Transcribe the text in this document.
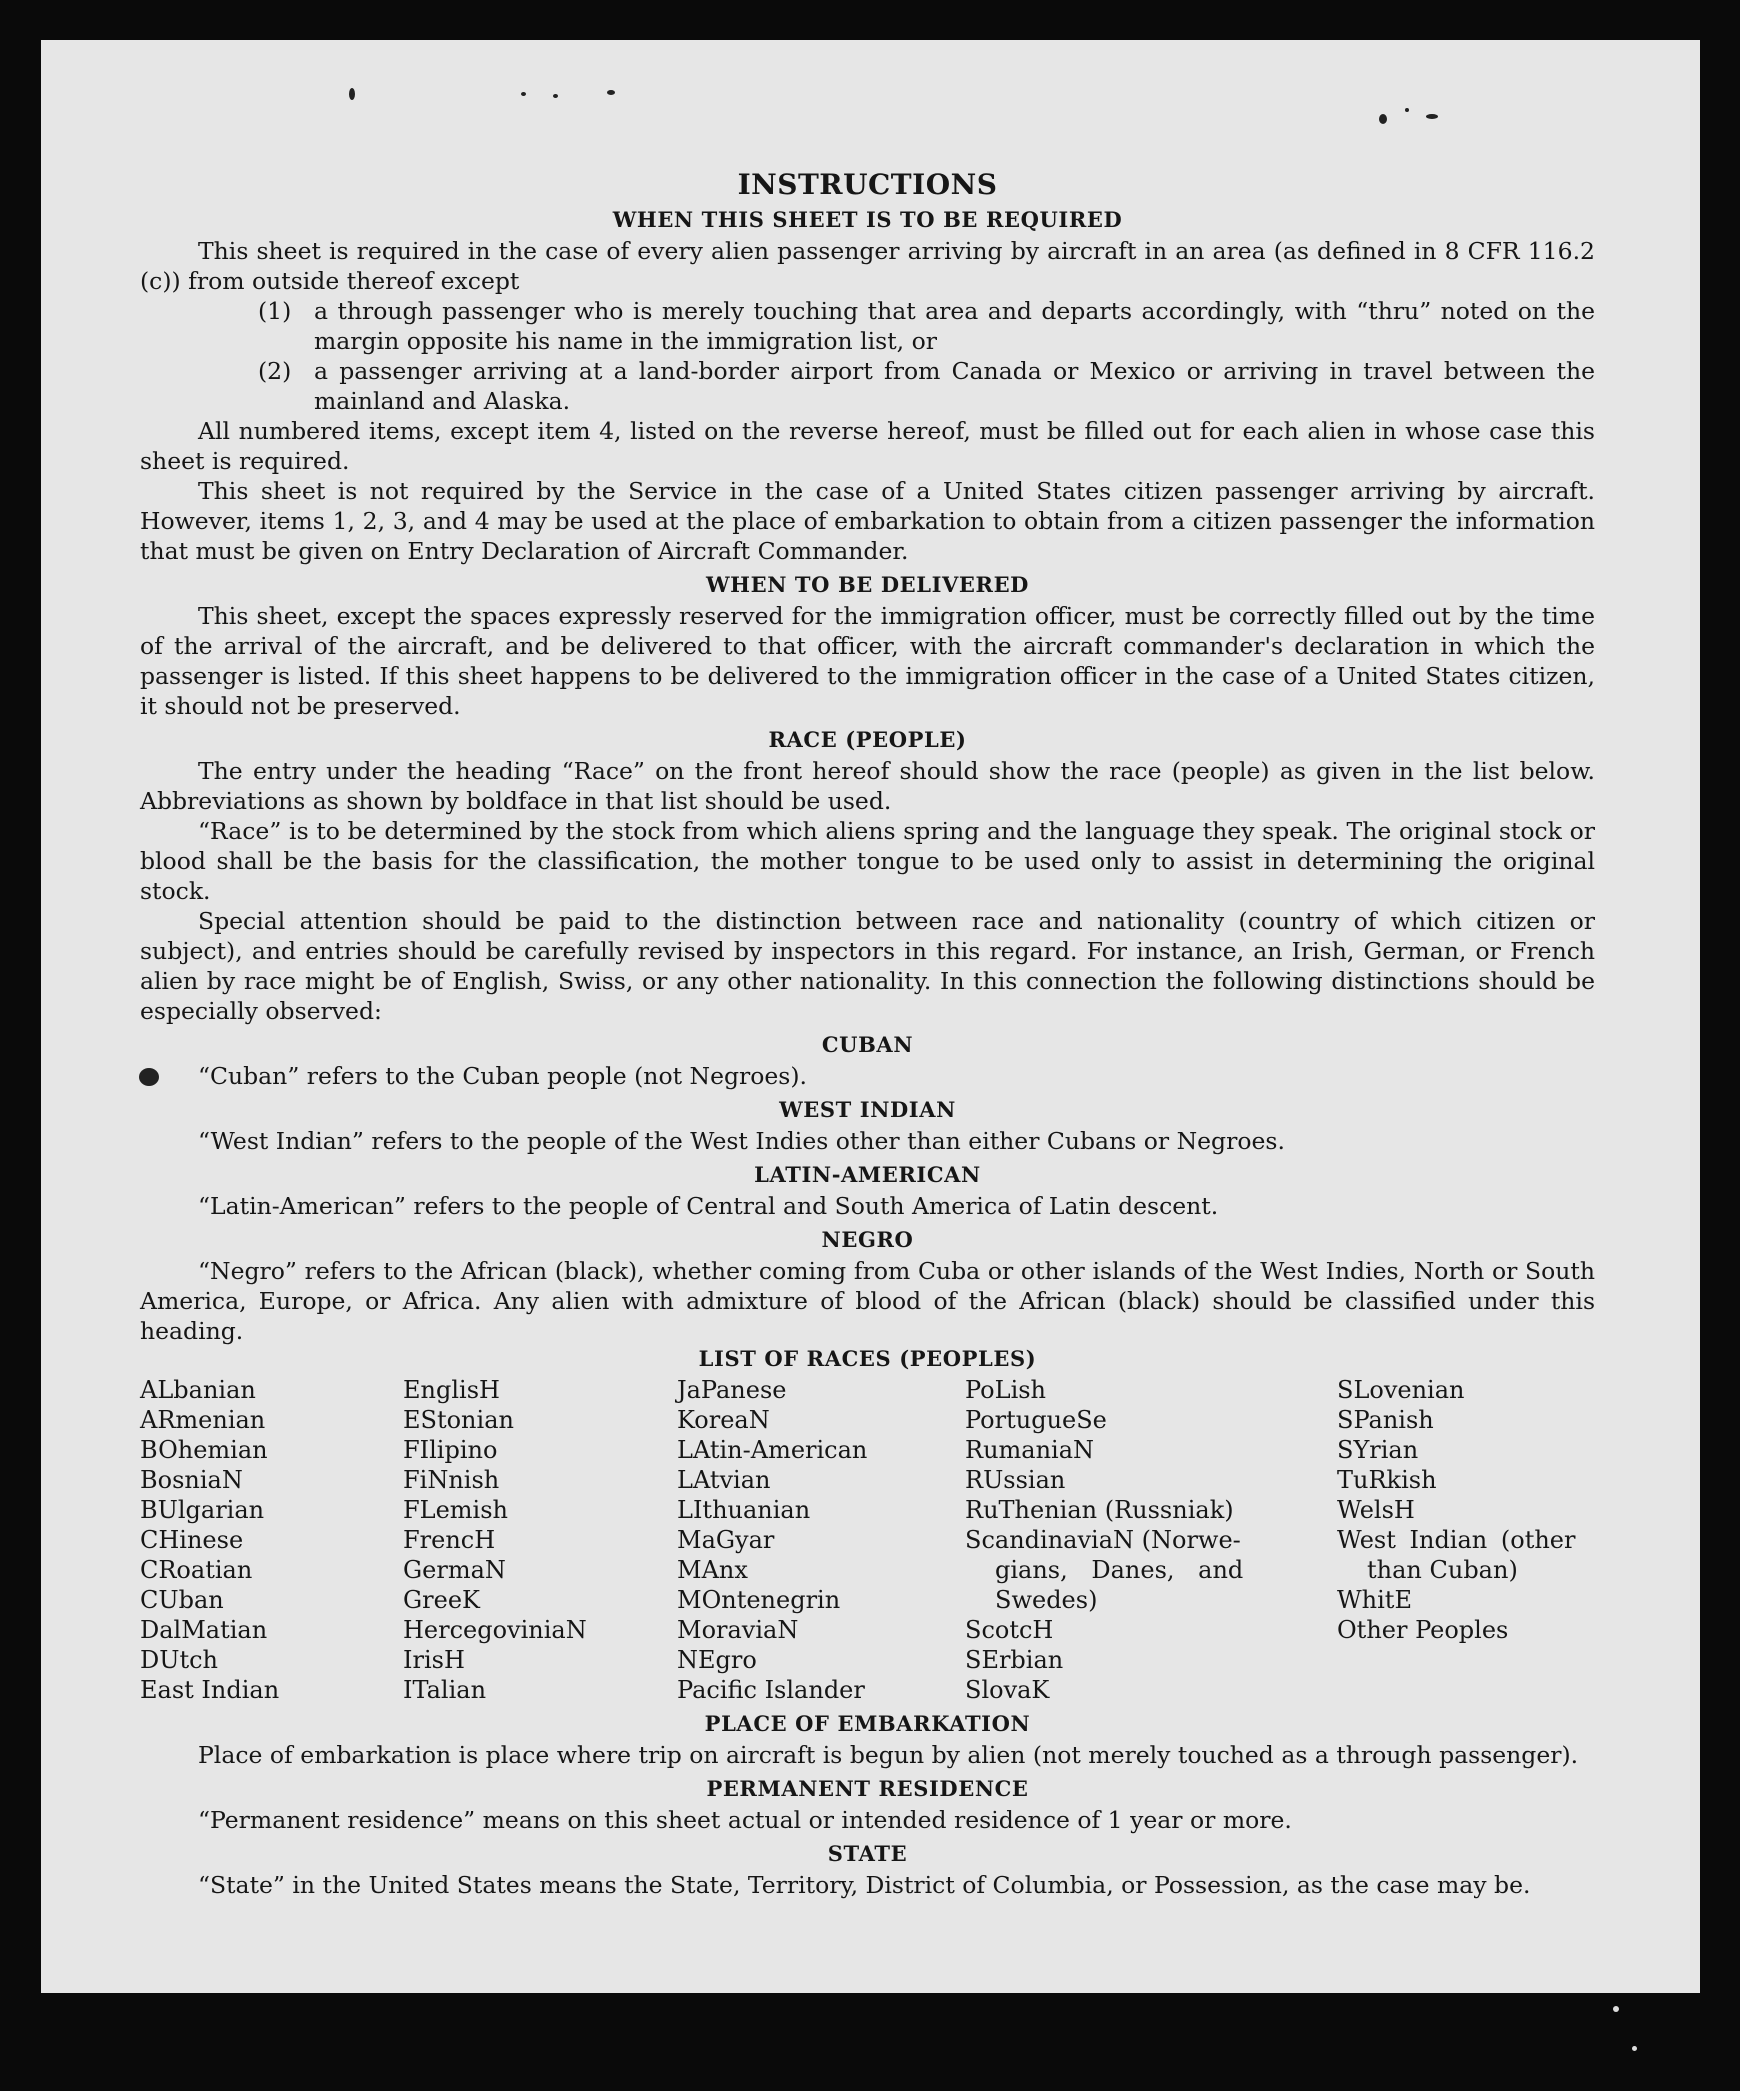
INSTRUCTIONS
WHEN THIS SHEET IS TO BE REQUIRED

This sheet is required in the case of every alien passenger arriving by aircraft in an area (as defined in 8 CFR 116.2 (c)) from outside thereof except

(1) a through passenger who is merely touching that area and departs accordingly, with “thru” noted on the margin opposite his name in the immigration list, or
(2) a passenger arriving at a land-border airport from Canada or Mexico or arriving in travel between the mainland and Alaska.

All numbered items, except item 4, listed on the reverse hereof, must be filled out for each alien in whose case this sheet is required.

This sheet is not required by the Service in the case of a United States citizen passenger arriving by aircraft. However, items 1, 2, 3, and 4 may be used at the place of embarkation to obtain from a citizen passenger the information that must be given on Entry Declaration of Aircraft Commander.

WHEN TO BE DELIVERED

This sheet, except the spaces expressly reserved for the immigration officer, must be correctly filled out by the time of the arrival of the aircraft, and be delivered to that officer, with the aircraft commander's declaration in which the passenger is listed. If this sheet happens to be delivered to the immigration officer in the case of a United States citizen, it should not be preserved.

RACE (PEOPLE)

The entry under the heading “Race” on the front hereof should show the race (people) as given in the list below. Abbreviations as shown by boldface in that list should be used.

“Race” is to be determined by the stock from which aliens spring and the language they speak. The original stock or blood shall be the basis for the classification, the mother tongue to be used only to assist in determining the original stock.

Special attention should be paid to the distinction between race and nationality (country of which citizen or subject), and entries should be carefully revised by inspectors in this regard. For instance, an Irish, German, or French alien by race might be of English, Swiss, or any other nationality. In this connection the following distinctions should be especially observed:

CUBAN

“Cuban” refers to the Cuban people (not Negroes).

WEST INDIAN

“West Indian” refers to the people of the West Indies other than either Cubans or Negroes.

LATIN-AMERICAN

“Latin-American” refers to the people of Central and South America of Latin descent.

NEGRO

“Negro” refers to the African (black), whether coming from Cuba or other islands of the West Indies, North or South America, Europe, or Africa. Any alien with admixture of blood of the African (black) should be classified under this heading.

LIST OF RACES (PEOPLES)
ALbanian
ARmenian
BOhemian
BosniaN
BUlgarian
CHinese
CRoatian
CUban
DalMatian
DUtch
East Indian
EnglisH
EStonian
FIlipino
FiNnish
FLemish
FrencH
GermaN
GreeK
HercegoviniaN
IrisH
ITalian
JaPanese
KoreaN
LAtin-American
LAtvian
LIthuanian
MaGyar
MAnx
MOntenegrin
MoraviaN
NEgro
Pacific Islander
PoLish
PortugueSe
RumaniaN
RUssian
RuThenian (Russniak)
ScandinaviaN (Norwe-
gians, Danes, and
Swedes)
ScotcH
SErbian
SlovaK
SLovenian
SPanish
SYrian
TuRkish
WelsH
West Indian (other
than Cuban)
WhitE
Other Peoples
PLACE OF EMBARKATION

Place of embarkation is place where trip on aircraft is begun by alien (not merely touched as a through passenger).

PERMANENT RESIDENCE

“Permanent residence” means on this sheet actual or intended residence of 1 year or more.

STATE

“State” in the United States means the State, Territory, District of Columbia, or Possession, as the case may be.
